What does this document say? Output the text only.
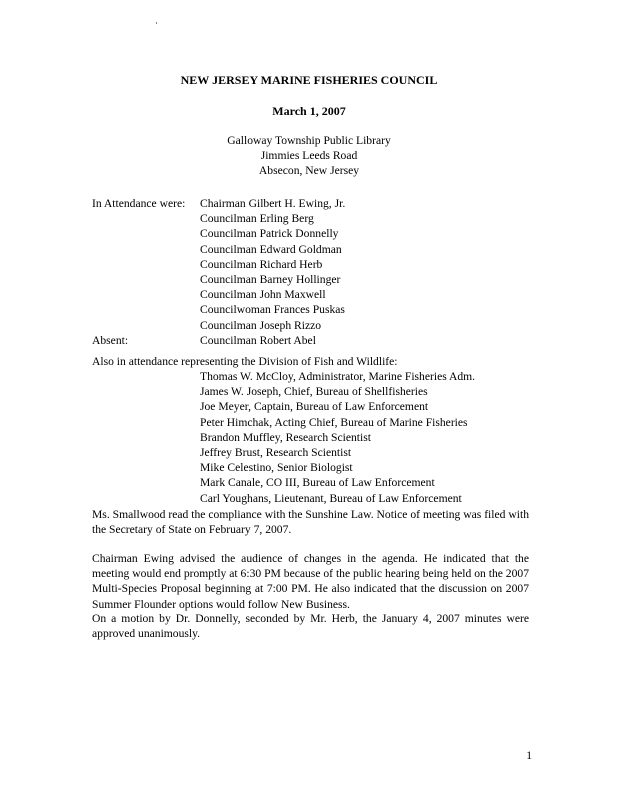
NEW JERSEY MARINE FISHERIES COUNCIL
March 1, 2007
Galloway Township Public Library
Jimmies Leeds Road
Absecon, New Jersey
In Attendance were:	Chairman Gilbert H. Ewing, Jr.
Councilman Erling Berg
Councilman Patrick Donnelly
Councilman Edward Goldman
Councilman Richard Herb
Councilman Barney Hollinger
Councilman John Maxwell
Councilwoman Frances Puskas
Councilman Joseph Rizzo
Absent:	Councilman Robert Abel
Also in attendance representing the Division of Fish and Wildlife:
Thomas W. McCloy, Administrator, Marine Fisheries Adm.
James W. Joseph, Chief, Bureau of Shellfisheries
Joe Meyer, Captain, Bureau of Law Enforcement
Peter Himchak, Acting Chief, Bureau of Marine Fisheries
Brandon Muffley, Research Scientist
Jeffrey Brust, Research Scientist
Mike Celestino, Senior Biologist
Mark Canale, CO III, Bureau of Law Enforcement
Carl Youghans, Lieutenant, Bureau of Law Enforcement
Ms. Smallwood read the compliance with the Sunshine Law. Notice of meeting was filed with the Secretary of State on February 7, 2007.
Chairman Ewing advised the audience of changes in the agenda. He indicated that the meeting would end promptly at 6:30 PM because of the public hearing being held on the 2007 Multi-Species Proposal beginning at 7:00 PM. He also indicated that the discussion on 2007 Summer Flounder options would follow New Business.
On a motion by Dr. Donnelly, seconded by Mr. Herb, the January 4, 2007 minutes were approved unanimously.
1
